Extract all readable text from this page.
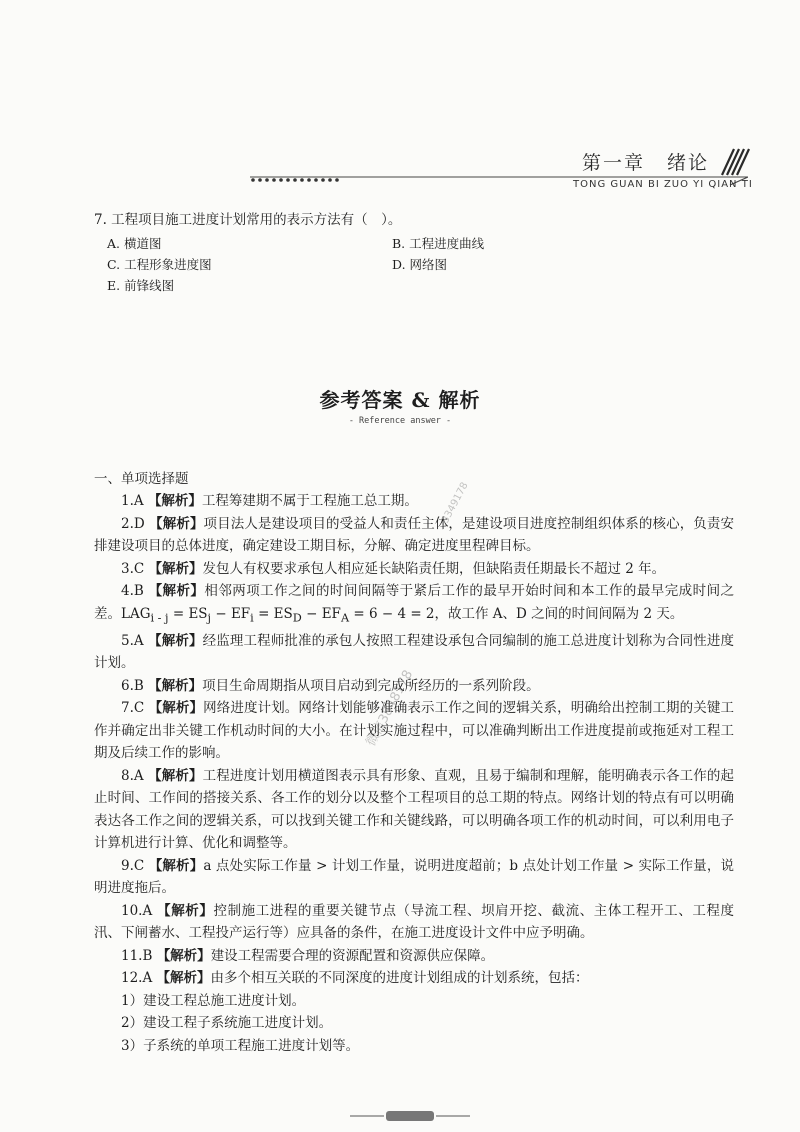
第一章 绪论
TONG GUAN BI ZUO YI QIAN TI
7. 工程项目施工进度计划常用的表示方法有（　）。
A. 横道图	B. 工程进度曲线
C. 工程形象进度图	D. 网络图
E. 前锋线图
参考答案 & 解析
- Reference answer -
一、单项选择题

1.A 【解析】工程筹建期不属于工程施工总工期。

2.D 【解析】项目法人是建设项目的受益人和责任主体，是建设项目进度控制组织体系的核心，负责安排建设项目的总体进度，确定建设工期目标，分解、确定进度里程碑目标。

3.C 【解析】发包人有权要求承包人相应延长缺陷责任期，但缺陷责任期最长不超过 2 年。

4.B 【解析】相邻两项工作之间的时间间隔等于紧后工作的最早开始时间和本工作的最早完成时间之差。$LAG_{i - j} = ES_j - EF_i = ES_D - EF_A = 6 - 4 = 2$，故工作 A、D 之间的时间间隔为 2 天。

5.A 【解析】经监理工程师批准的承包人按照工程建设承包合同编制的施工总进度计划称为合同性进度计划。

6.B 【解析】项目生命周期指从项目启动到完成所经历的一系列阶段。

7.C 【解析】网络进度计划。网络计划能够准确表示工作之间的逻辑关系，明确给出控制工期的关键工作并确定出非关键工作机动时间的大小。在计划实施过程中，可以准确判断出工作进度提前或拖延对工程工期及后续工作的影响。

8.A 【解析】工程进度计划用横道图表示具有形象、直观，且易于编制和理解，能明确表示各工作的起止时间、工作间的搭接关系、各工作的划分以及整个工程项目的总工期的特点。网络计划的特点有可以明确表达各工作之间的逻辑关系，可以找到关键工作和关键线路，可以明确各项工作的机动时间，可以利用电子计算机进行计算、优化和调整等。

9.C 【解析】a 点处实际工作量 > 计划工作量，说明进度超前；b 点处计划工作量 > 实际工作量，说明进度拖后。

10.A 【解析】控制施工进程的重要关键节点（导流工程、坝肩开挖、截流、主体工程开工、工程度汛、下闸蓄水、工程投产运行等）应具备的条件，在施工进度设计文件中应予明确。

11.B 【解析】建设工程需要合理的资源配置和资源供应保障。

12.A 【解析】由多个相互关联的不同深度的进度计划组成的计划系统，包括：

1）建设工程总施工进度计划。

2）建设工程子系统施工进度计划。

3）子系统的单项工程施工进度计划等。

微信3848178
3349178
